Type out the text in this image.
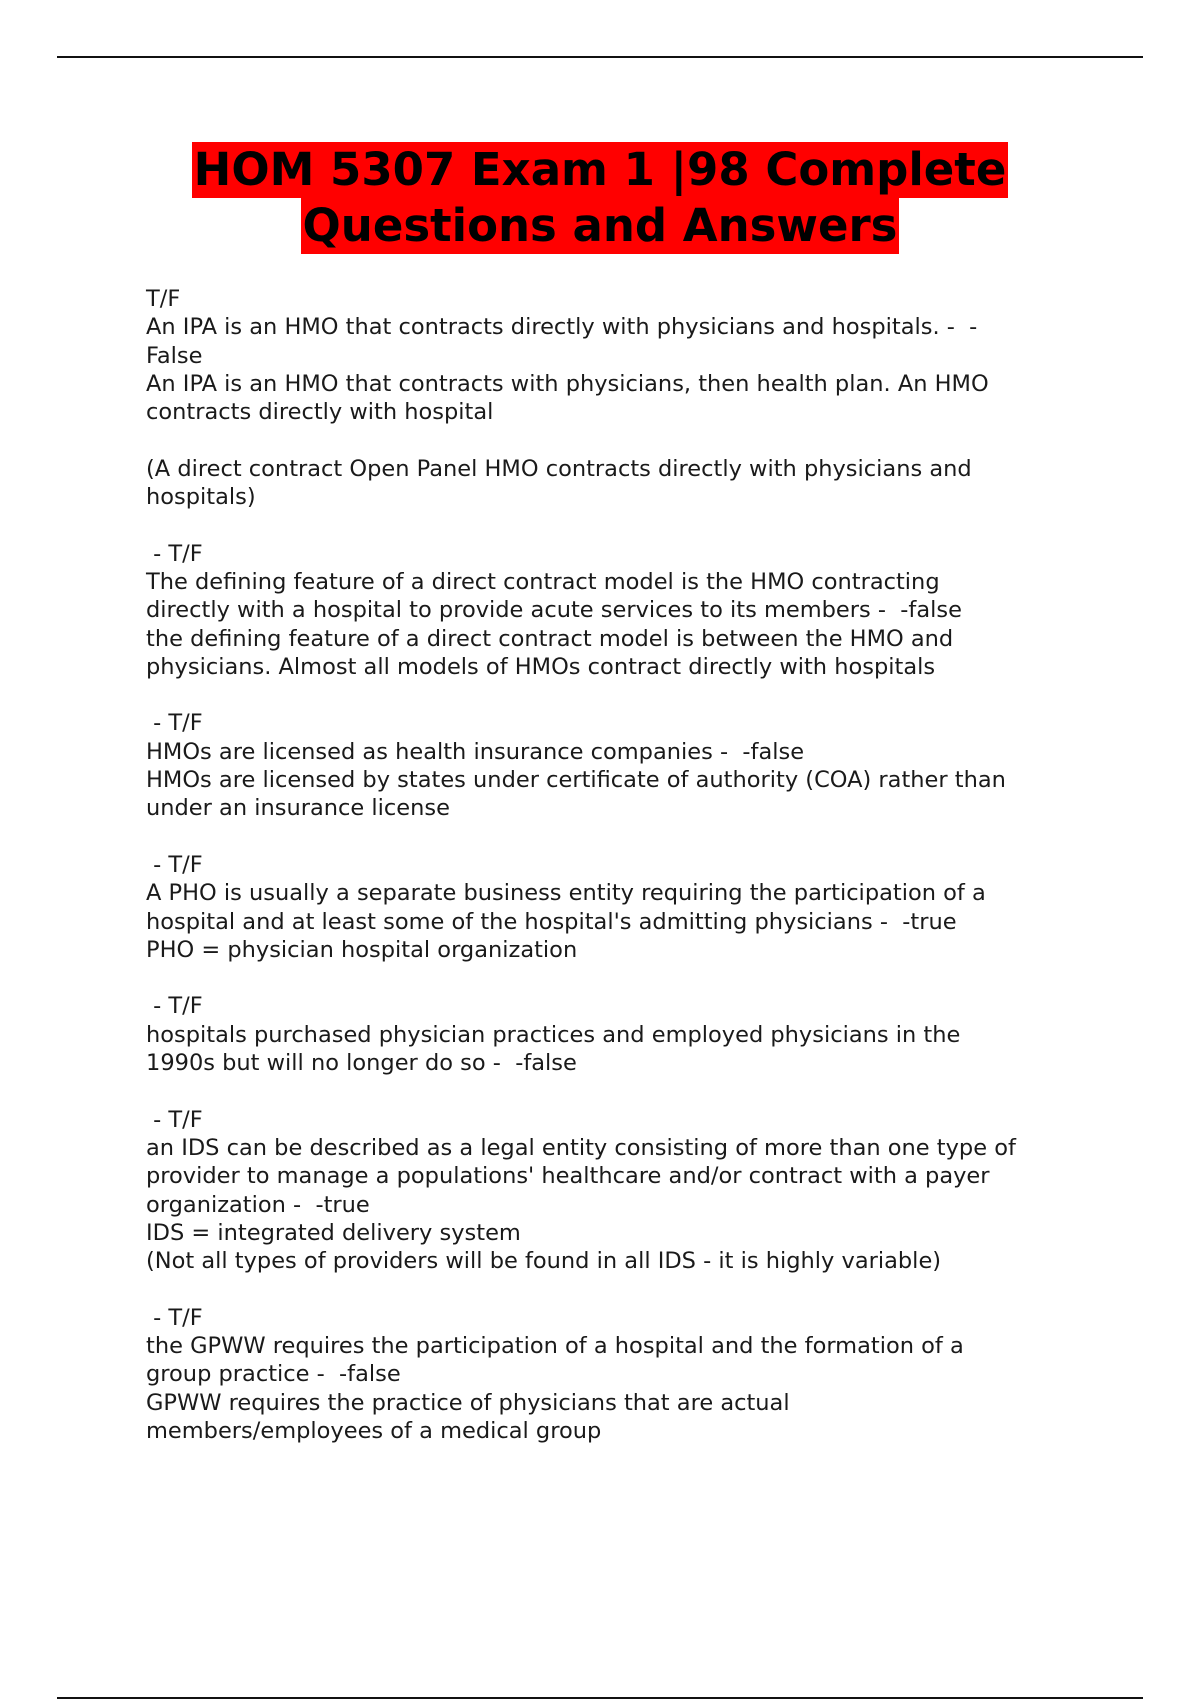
HOM 5307 Exam 1 |98 Complete
Questions and Answers
T/F
An IPA is an HMO that contracts directly with physicians and hospitals. -  -
False
An IPA is an HMO that contracts with physicians, then health plan. An HMO
contracts directly with hospital
(A direct contract Open Panel HMO contracts directly with physicians and
hospitals)
- T/F
The defining feature of a direct contract model is the HMO contracting
directly with a hospital to provide acute services to its members -  -false
the defining feature of a direct contract model is between the HMO and
physicians. Almost all models of HMOs contract directly with hospitals
- T/F
HMOs are licensed as health insurance companies -  -false
HMOs are licensed by states under certificate of authority (COA) rather than
under an insurance license
- T/F
A PHO is usually a separate business entity requiring the participation of a
hospital and at least some of the hospital's admitting physicians -  -true
PHO = physician hospital organization
- T/F
hospitals purchased physician practices and employed physicians in the
1990s but will no longer do so -  -false
- T/F
an IDS can be described as a legal entity consisting of more than one type of
provider to manage a populations' healthcare and/or contract with a payer
organization -  -true
IDS = integrated delivery system
(Not all types of providers will be found in all IDS - it is highly variable)
- T/F
the GPWW requires the participation of a hospital and the formation of a
group practice -  -false
GPWW requires the practice of physicians that are actual
members/employees of a medical group
